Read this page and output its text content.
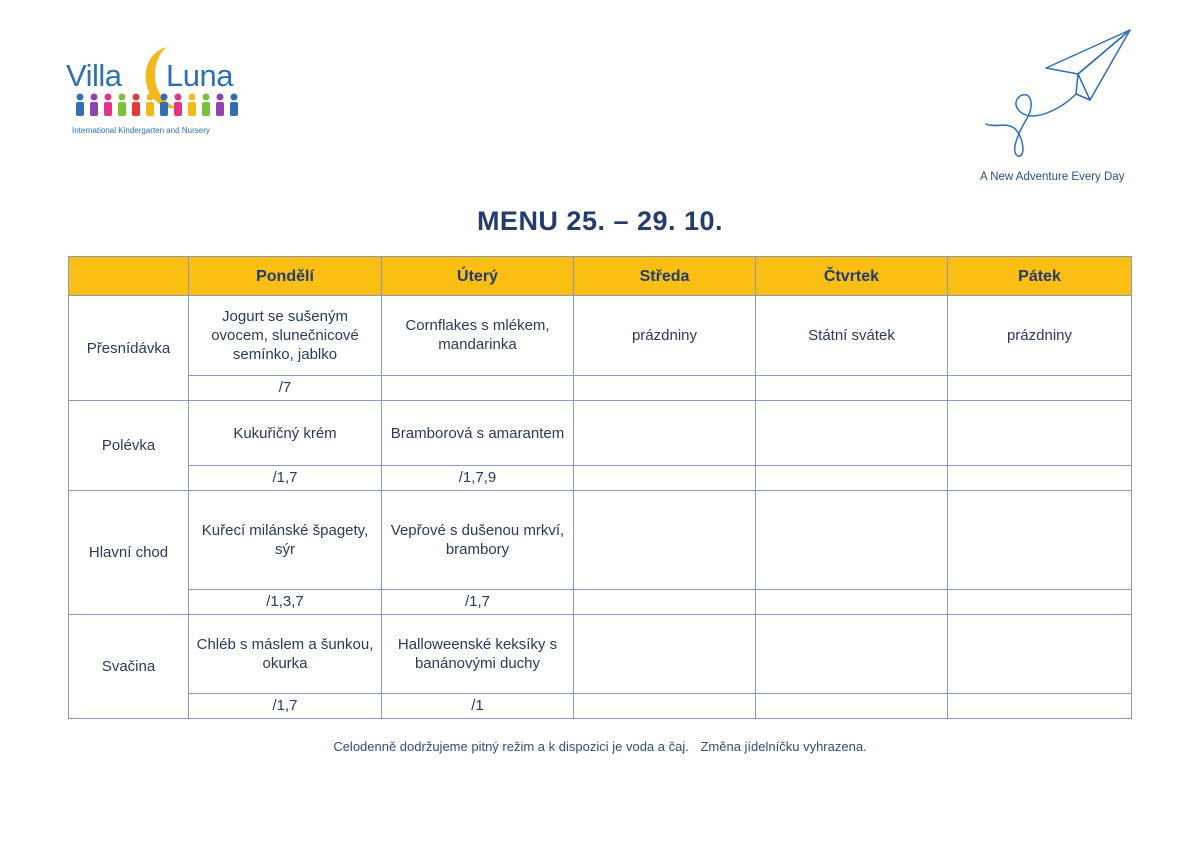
Villa Luna
International Kindergarten and Nursery
A New Adventure Every Day
MENU 25. – 29. 10.
	Pondělí	Úterý	Středa	Čtvrtek	Pátek
Přesnídávka	Jogurt se sušeným ovocem, slunečnicové semínko, jablko	Cornflakes s mlékem, mandarinka	prázdniny	Státní svátek	prázdniny
	/7				
Polévka	Kukuřičný krém	Bramborová s amarantem			
	/1,7	/1,7,9			
Hlavní chod	Kuřecí milánské špagety, sýr	Vepřové s dušenou mrkví, brambory			
	/1,3,7	/1,7			
Svačina	Chléb s máslem a šunkou, okurka	Halloweenské keksíky s banánovými duchy			
	/1,7	/1			
Celodenně dodržujeme pitný režim a k dispozici je voda a čaj. Změna jídelníčku vyhrazena.
